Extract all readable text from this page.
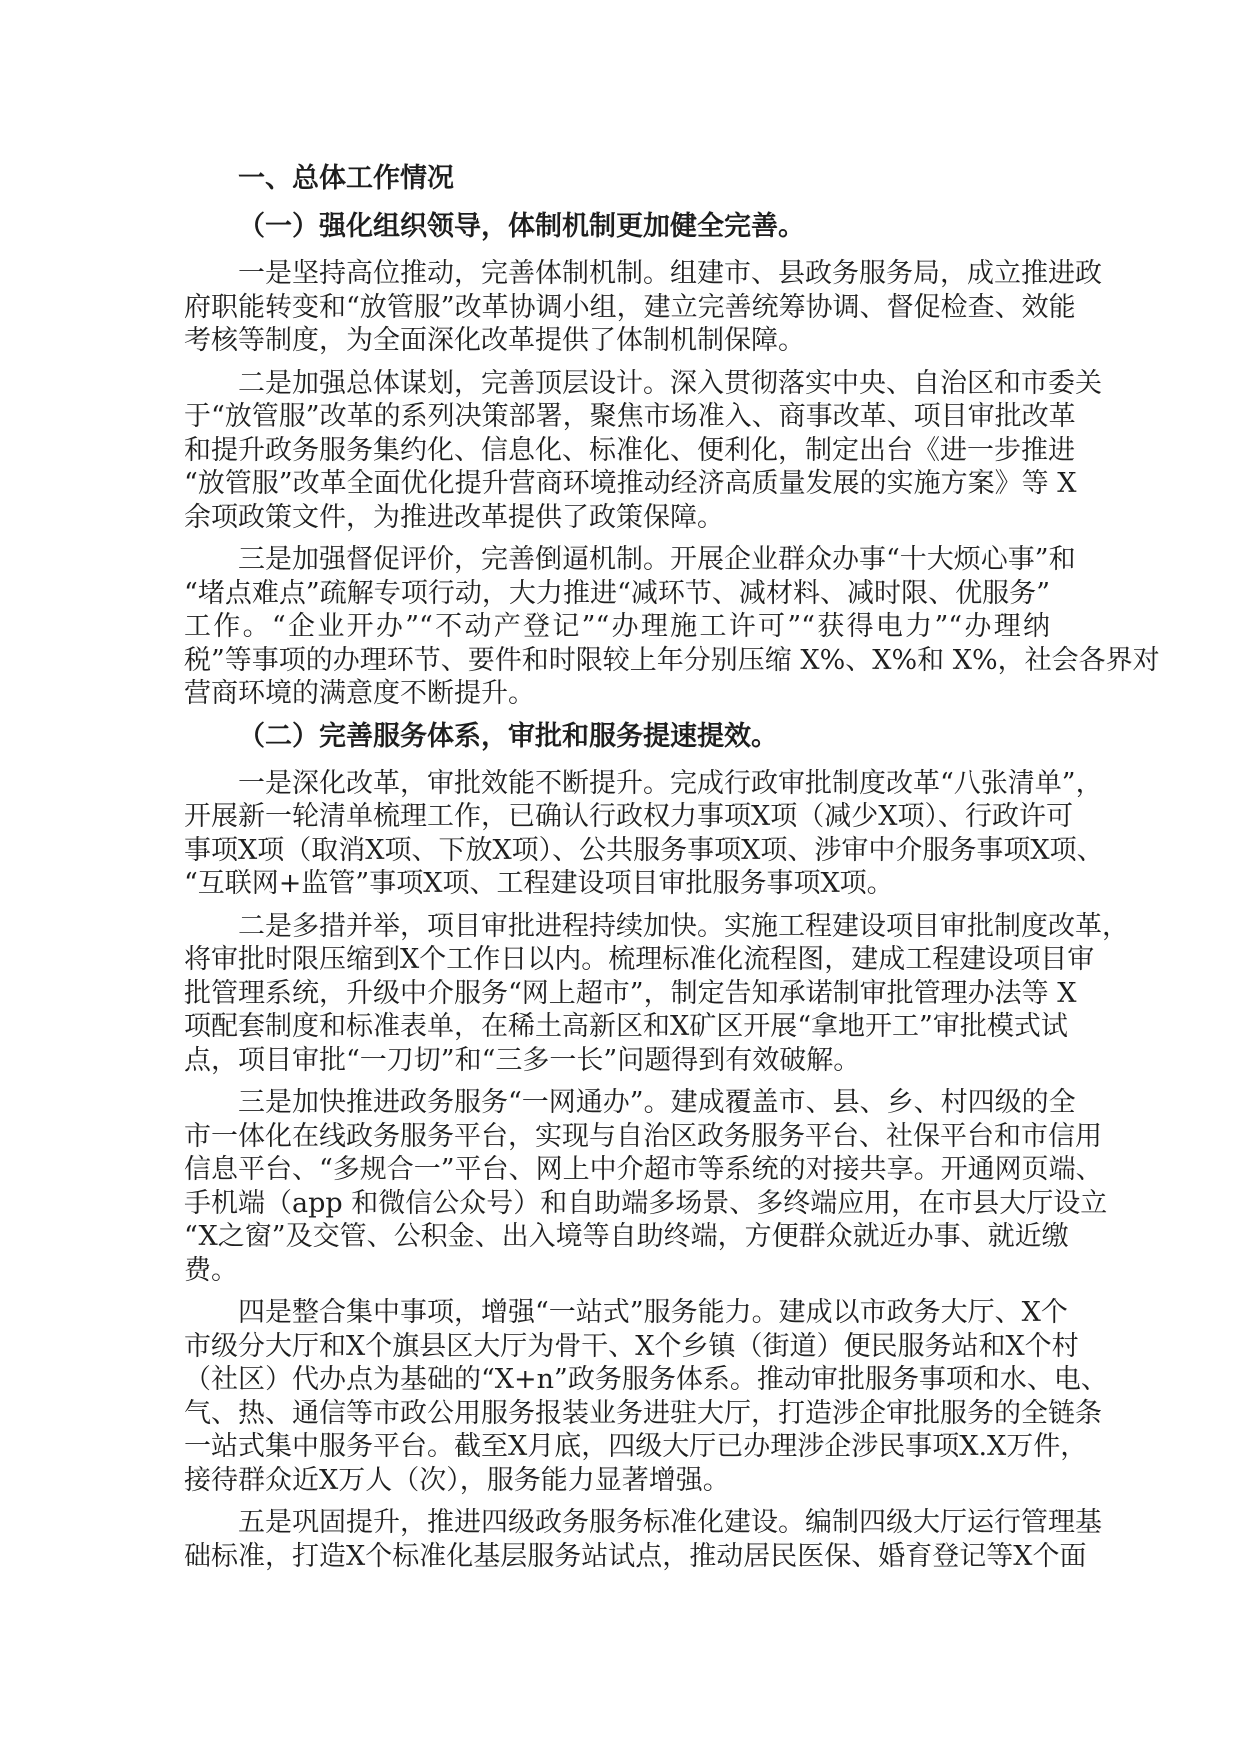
一、总体工作情况
（一）强化组织领导，体制机制更加健全完善。
一是坚持高位推动，完善体制机制。组建市、县政务服务局，成立推进政
府职能转变和“放管服”改革协调小组，建立完善统筹协调、督促检查、效能
考核等制度，为全面深化改革提供了体制机制保障。
二是加强总体谋划，完善顶层设计。深入贯彻落实中央、自治区和市委关
于“放管服”改革的系列决策部署，聚焦市场准入、商事改革、项目审批改革
和提升政务服务集约化、信息化、标准化、便利化，制定出台《进一步推进
“放管服”改革全面优化提升营商环境推动经济高质量发展的实施方案》等 X
余项政策文件，为推进改革提供了政策保障。
三是加强督促评价，完善倒逼机制。开展企业群众办事“十大烦心事”和
“堵点难点”疏解专项行动，大力推进“减环节、减材料、减时限、优服务”
工作。“企业开办”“不动产登记”“办理施工许可”“获得电力”“办理纳
税”等事项的办理环节、要件和时限较上年分别压缩 X%、X%和 X%，社会各界对
营商环境的满意度不断提升。
（二）完善服务体系，审批和服务提速提效。
一是深化改革，审批效能不断提升。完成行政审批制度改革“八张清单”，
开展新一轮清单梳理工作，已确认行政权力事项X项（减少X项）、行政许可
事项X项（取消X项、下放X项）、公共服务事项X项、涉审中介服务事项X项、
“互联网+监管”事项X项、工程建设项目审批服务事项X项。
二是多措并举，项目审批进程持续加快。实施工程建设项目审批制度改革，
将审批时限压缩到X个工作日以内。梳理标准化流程图，建成工程建设项目审
批管理系统，升级中介服务“网上超市”，制定告知承诺制审批管理办法等 X
项配套制度和标准表单，在稀土高新区和X矿区开展“拿地开工”审批模式试
点，项目审批“一刀切”和“三多一长”问题得到有效破解。
三是加快推进政务服务“一网通办”。建成覆盖市、县、乡、村四级的全
市一体化在线政务服务平台，实现与自治区政务服务平台、社保平台和市信用
信息平台、“多规合一”平台、网上中介超市等系统的对接共享。开通网页端、
手机端（app 和微信公众号）和自助端多场景、多终端应用，在市县大厅设立
“X之窗”及交管、公积金、出入境等自助终端，方便群众就近办事、就近缴
费。
四是整合集中事项，增强“一站式”服务能力。建成以市政务大厅、X个
市级分大厅和X个旗县区大厅为骨干、X个乡镇（街道）便民服务站和X个村
（社区）代办点为基础的“X+n”政务服务体系。推动审批服务事项和水、电、
气、热、通信等市政公用服务报装业务进驻大厅，打造涉企审批服务的全链条
一站式集中服务平台。截至X月底，四级大厅已办理涉企涉民事项X.X万件，
接待群众近X万人（次），服务能力显著增强。
五是巩固提升，推进四级政务服务标准化建设。编制四级大厅运行管理基
础标准，打造X个标准化基层服务站试点，推动居民医保、婚育登记等X个面
